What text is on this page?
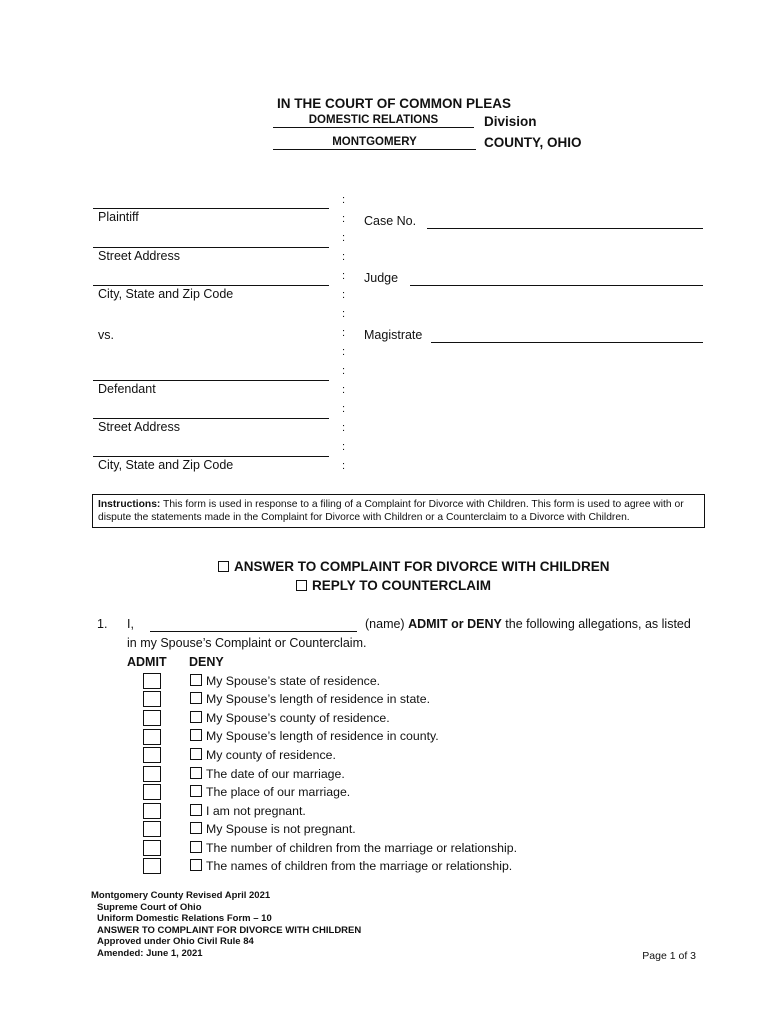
IN THE COURT OF COMMON PLEAS
DOMESTIC RELATIONS	Division
MONTGOMERY	COUNTY, OHIO
Plaintiff
Street Address
City, State and Zip Code
vs.
Defendant
Street Address
City, State and Zip Code
:
:
:
:
:
:
:
:
:
:
:
:
:
:
:
Case No.
Judge
Magistrate
Instructions: This form is used in response to a filing of a Complaint for Divorce with Children. This form is used to agree with or dispute the statements made in the Complaint for Divorce with Children or a Counterclaim to a Divorce with Children.
ANSWER TO COMPLAINT FOR DIVORCE WITH CHILDREN
REPLY TO COUNTERCLAIM
1. I,	(name) ADMIT or DENY the following allegations, as listed
in my Spouse’s Complaint or Counterclaim.
ADMIT DENY
My Spouse’s state of residence.
My Spouse’s length of residence in state.
My Spouse’s county of residence.
My Spouse’s length of residence in county.
My county of residence.
The date of our marriage.
The place of our marriage.
I am not pregnant.
My Spouse is not pregnant.
The number of children from the marriage or relationship.
The names of children from the marriage or relationship.
Montgomery County Revised April 2021
Supreme Court of Ohio
Uniform Domestic Relations Form – 10
ANSWER TO COMPLAINT FOR DIVORCE WITH CHILDREN
Approved under Ohio Civil Rule 84
Amended: June 1, 2021	Page 1 of 3
